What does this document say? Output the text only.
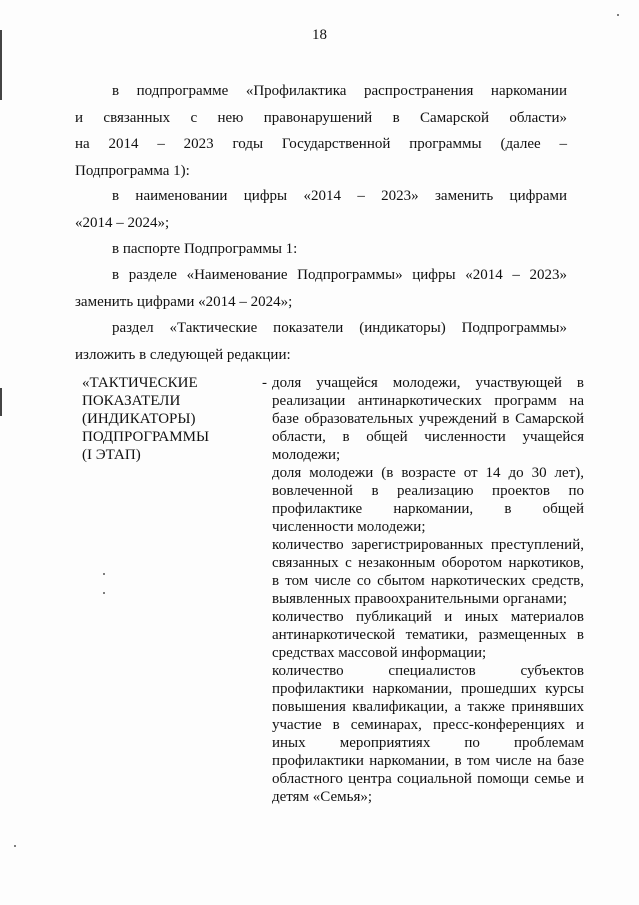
18
в подпрограмме «Профилактика распространения наркомании
и связанных с нею правонарушений в Самарской области»
на 2014 – 2023 годы Государственной программы (далее –
Подпрограмма 1):
в наименовании цифры «2014 – 2023» заменить цифрами
«2014 – 2024»;
в паспорте Подпрограммы 1:
в разделе «Наименование Подпрограммы» цифры «2014 – 2023»
заменить цифрами «2014 – 2024»;
раздел «Тактические показатели (индикаторы) Подпрограммы»
изложить в следующей редакции:
«ТАКТИЧЕСКИЕ
ПОКАЗАТЕЛИ
(ИНДИКАТОРЫ)
ПОДПРОГРАММЫ
(I ЭТАП)
- доля учащейся молодежи, участвующей в
реализации антинаркотических программ на
базе образовательных учреждений в Самарской
области, в общей численности учащейся
молодежи;
доля молодежи (в возрасте от 14 до 30 лет),
вовлеченной в реализацию проектов по
профилактике наркомании, в общей
численности молодежи;
количество зарегистрированных преступлений,
связанных с незаконным оборотом наркотиков,
в том числе со сбытом наркотических средств,
выявленных правоохранительными органами;
количество публикаций и иных материалов
антинаркотической тематики, размещенных в
средствах массовой информации;
количество специалистов субъектов
профилактики наркомании, прошедших курсы
повышения квалификации, а также принявших
участие в семинарах, пресс-конференциях и
иных мероприятиях по проблемам
профилактики наркомании, в том числе на базе
областного центра социальной помощи семье и
детям «Семья»;
